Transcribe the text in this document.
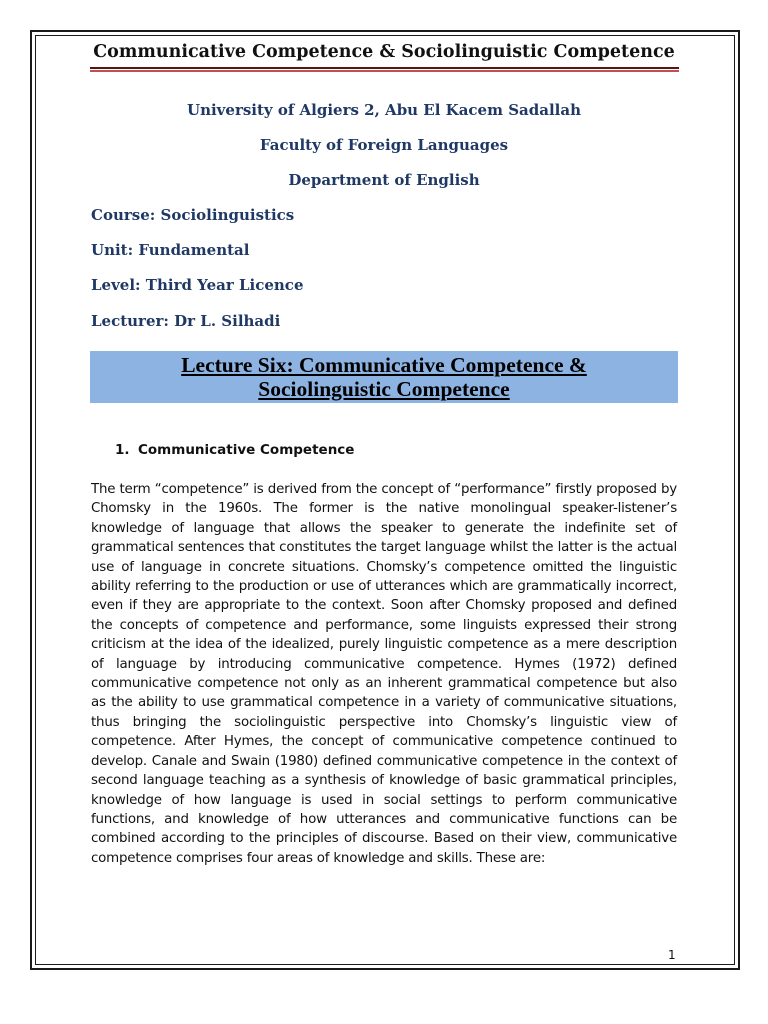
Communicative Competence & Sociolinguistic Competence
University of Algiers 2, Abu El Kacem Sadallah
Faculty of Foreign Languages
Department of English
Course: Sociolinguistics
Unit: Fundamental
Level: Third Year Licence
Lecturer: Dr L. Silhadi
Lecture Six: Communicative Competence &
Sociolinguistic Competence
1. Communicative Competence

The term “competence” is derived from the concept of “performance” firstly proposed by Chomsky in the 1960s. The former is the native monolingual speaker-listener’s knowledge of language that allows the speaker to generate the indefinite set of grammatical sentences that constitutes the target language whilst the latter is the actual use of language in concrete situations. Chomsky’s competence omitted the linguistic ability referring to the production or use of utterances which are grammatically incorrect, even if they are appropriate to the context. Soon after Chomsky proposed and defined the concepts of competence and performance, some linguists expressed their strong criticism at the idea of the idealized, purely linguistic competence as a mere description of language by introducing communicative competence. Hymes (1972) defined communicative competence not only as an inherent grammatical competence but also as the ability to use grammatical competence in a variety of communicative situations, thus bringing the sociolinguistic perspective into Chomsky’s linguistic view of competence. After Hymes, the concept of communicative competence continued to develop. Canale and Swain (1980) defined communicative competence in the context of second language teaching as a synthesis of knowledge of basic grammatical principles, knowledge of how language is used in social settings to perform communicative functions, and knowledge of how utterances and communicative functions can be combined according to the principles of discourse. Based on their view, communicative competence comprises four areas of knowledge and skills. These are:

1
